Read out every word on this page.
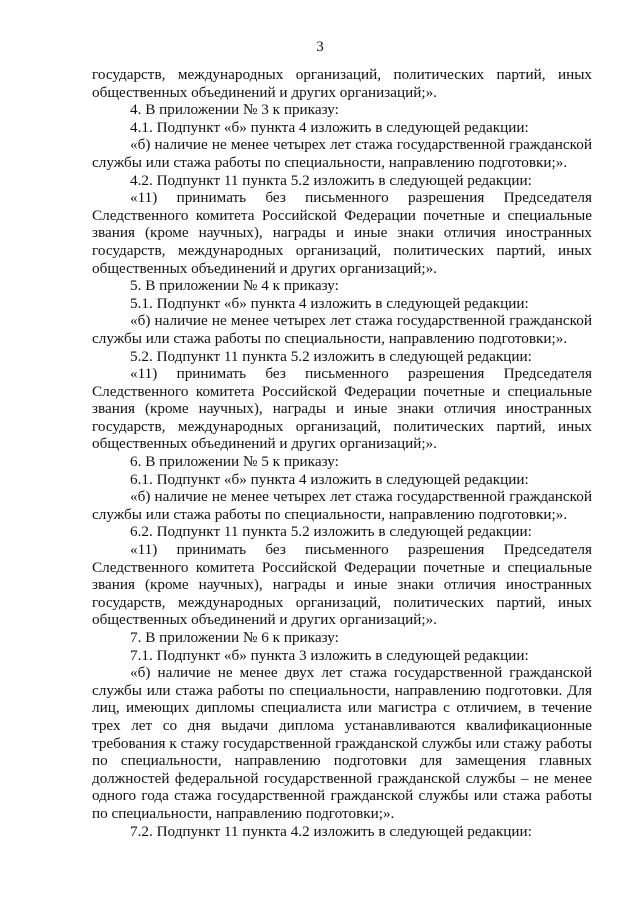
3

государств, международных организаций, политических партий, иных общественных объединений и других организаций;».

4. В приложении № 3 к приказу:

4.1. Подпункт «б» пункта 4 изложить в следующей редакции:

«б) наличие не менее четырех лет стажа государственной гражданской службы или стажа работы по специальности, направлению подготовки;».

4.2. Подпункт 11 пункта 5.2 изложить в следующей редакции:

«11) принимать без письменного разрешения Председателя Следственного комитета Российской Федерации почетные и специальные звания (кроме научных), награды и иные знаки отличия иностранных государств, международных организаций, политических партий, иных общественных объединений и других организаций;».

5. В приложении № 4 к приказу:

5.1. Подпункт «б» пункта 4 изложить в следующей редакции:

«б) наличие не менее четырех лет стажа государственной гражданской службы или стажа работы по специальности, направлению подготовки;».

5.2. Подпункт 11 пункта 5.2 изложить в следующей редакции:

«11) принимать без письменного разрешения Председателя Следственного комитета Российской Федерации почетные и специальные звания (кроме научных), награды и иные знаки отличия иностранных государств, международных организаций, политических партий, иных общественных объединений и других организаций;».

6. В приложении № 5 к приказу:

6.1. Подпункт «б» пункта 4 изложить в следующей редакции:

«б) наличие не менее четырех лет стажа государственной гражданской службы или стажа работы по специальности, направлению подготовки;».

6.2. Подпункт 11 пункта 5.2 изложить в следующей редакции:

«11) принимать без письменного разрешения Председателя Следственного комитета Российской Федерации почетные и специальные звания (кроме научных), награды и иные знаки отличия иностранных государств, международных организаций, политических партий, иных общественных объединений и других организаций;».

7. В приложении № 6 к приказу:

7.1. Подпункт «б» пункта 3 изложить в следующей редакции:

«б) наличие не менее двух лет стажа государственной гражданской службы или стажа работы по специальности, направлению подготовки. Для лиц, имеющих дипломы специалиста или магистра с отличием, в течение трех лет со дня выдачи диплома устанавливаются квалификационные требования к стажу государственной гражданской службы или стажу работы по специальности, направлению подготовки для замещения главных должностей федеральной государственной гражданской службы – не менее одного года стажа государственной гражданской службы или стажа работы по специальности, направлению подготовки;».

7.2. Подпункт 11 пункта 4.2 изложить в следующей редакции:
